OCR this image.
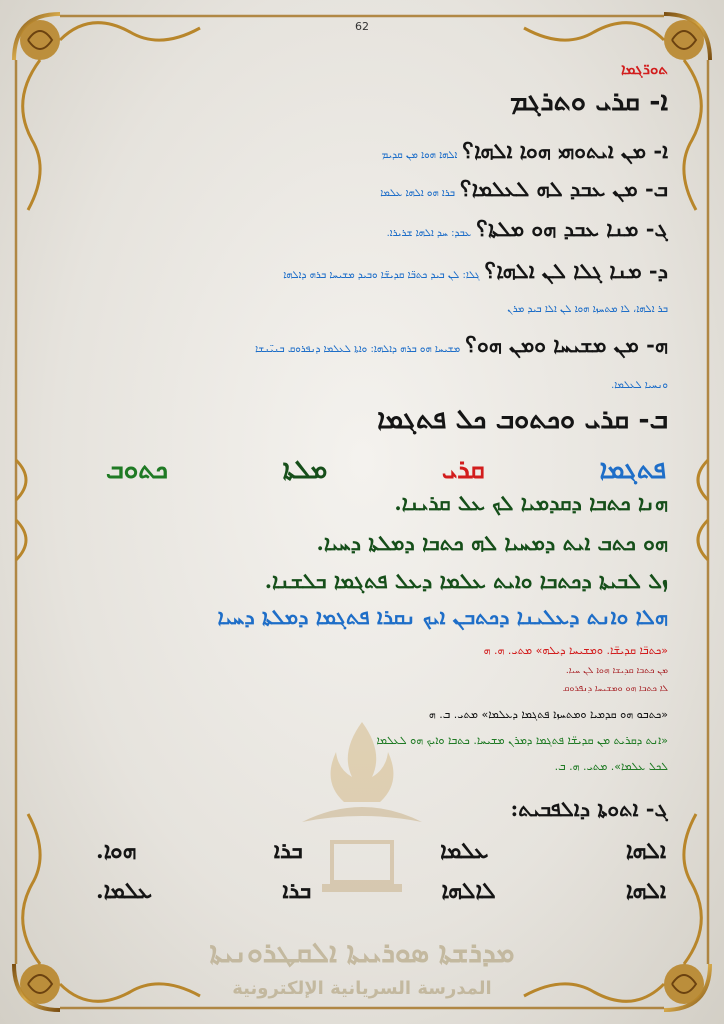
62
ܬܘܪ̈ܓܡܐ
ܐ- ܩܪܝ ܘܬܪܓܡ
ܐ- ܡܢ ܐܝܬܘܗܝ ܗܘܐ ܐܠܗܐ؟ ܐܠܗܐ ܗܘܐ ܡܢ ܩܕܝܡ
ܒ- ܡܢ ܥܒܕ ܠܗ ܠܥܠܡܐ؟ ܒܪܐ ܗܘ ܐܠܗܐ ܥܠܡܐ
ܓ- ܡܢܐ ܥܒܕ ܗܘ ܡܠܬܐ؟ ܥܒܕ: ܚܕ ܐܠܗܐ ܫܪܝܪܐ.
ܕ- ܡܢܐ ܓܠܐ ܠܢ ܐܠܗܐ؟ ܓܠܐ: ܠܢ ܒܝܕ ܟܬܒ̈ܐ ܩܕܝܫ̈ܐ ܘܒܝܕ ܡܫܝܚܐ ܒܪܗ ܕܐܠܗܐ
ܒܪ ܐܠܗܐ، ܠܐ ܡܬܚܙܐ ܗܘܐ ܠܢ ܐܠܐ ܒܝܕ ܡܪܢ
ܗ- ܡܢ ܡܫܝܚܐ ܘܡܢ ܗܘ؟ ܡܫܝܚܐ ܗܘ ܒܪܗ ܕܐܠܗܐ: ܘܐܬܐ ܠܥܠܡܐ ܕܢܦܪܘܩ ܒܢܝ̈ܢܫܐ
ܘܢܚܝܐ ܠܥܠܡܐ.
ܒ- ܩܪܝ ܘܟܬܘܒ ܟܠ ܦܬܓܡܐ
ܦܬܓܡܐ
ܩܪܝ
ܡܠܬܐ
ܟܬܘܒ
ܗܢܐ ܟܬܒܐ ܕܩܕܡܝܐ ܠܟ ܥܠ ܩܪܝܢܐ.
ܗܘ ܟܬܒ ܐܝܬ ܕܡܚܝܐ ܠܗ ܟܬܒܐ ܕܡܠܬܐ ܕܚܝܐ.
ܙܠ ܠܒܝܬܐ ܕܟܬܒܐ ܘܐܝܬ ܥܠܡܐ ܕܥܠ ܦܬܓܡܐ ܒܠܫܢܐ.
ܗܠܐ ܘܐܢܬ ܕܥܠܝܢܐ ܕܟܬܒܢ ܐܝܟ ܢܩܪܐ ܦܬܓܡܐ ܕܡܠܬܐ ܕܚܝܐ
«ܟܬܒ̈ܐ ܩܕܝܫ̈ܐ. ܘܡܫܝܚܐ ܕܝܠܗ» ܡܬܝ. ܗ. ܗ
ܡܢ ܟܬܒܐ ܩܕܝܫܐ ܗܘܐ ܠܢ ܚܝܐ.
ܠܐ ܟܬܒܐ ܗܘ ܘܡܫܝܚܐ ܕܢܦܪܘܩ
«ܟܬܒܘ ܗܘ ܩܕܡܝܐ ܘܡܬܚܙܐ ܦܬܓܡܐ ܕܥܠܡܐ» ܡܬܝ. ܒ. ܗ
«ܐܢܬ ܕܩܪܝܬ ܡܢ ܩܕܝܫ̈ܐ ܦܬܓܡܐ ܕܡܪܢ ܡܫܝܚܐ. ܟܬܒܐ ܘܐܝܟ ܗܘ ܠܥܠܡܐ
ܠܟܠ ܥܠܡܐ». ܡܬܝ. ܗ. ܒ.
ܓ- ܐܬܘܬܐ ܕܐܠܦܒܝܬ:
ܐܠܗܐ
ܥܠܡܐ
ܒܪܐ
ܗܘܐ.
ܐܠܗܐ
ܠܐܠܗܐ
ܒܪܐ
ܥܠܡܐ.
ܡܕܪܫܬܐ ܣܘܪܝܝܬܐ ܐܠܩܛܪܘܢܝܬܐ
المدرسة السريانية الإلكترونية
